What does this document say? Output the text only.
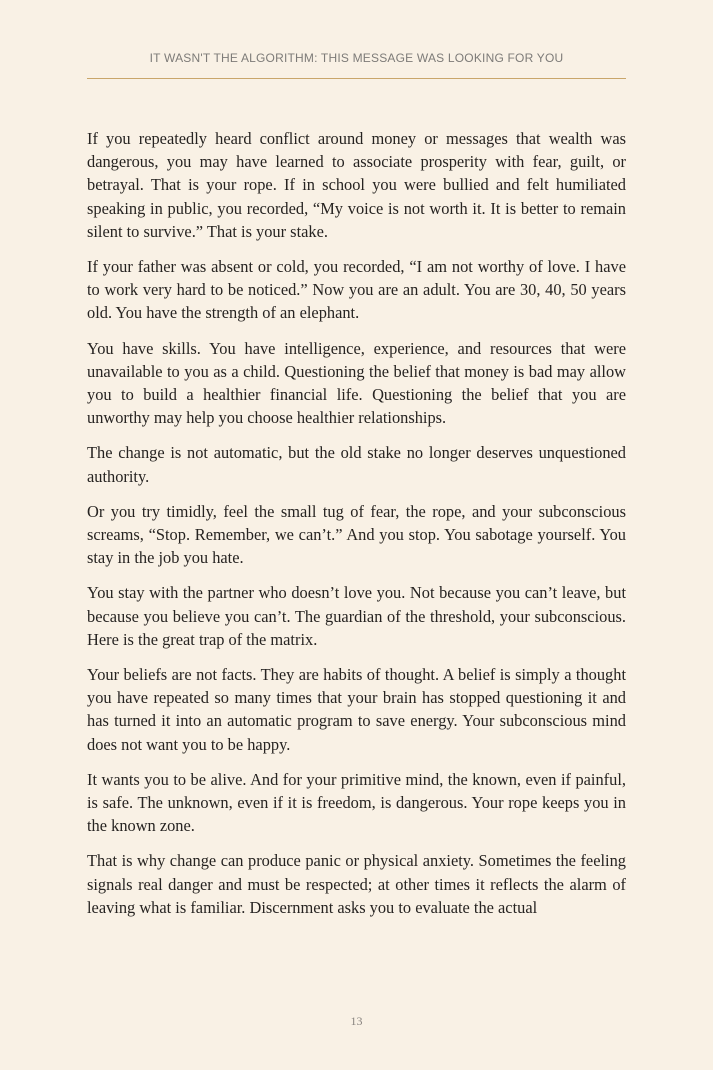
IT WASN'T THE ALGORITHM: THIS MESSAGE WAS LOOKING FOR YOU

If you repeatedly heard conflict around money or messages that wealth was dangerous, you may have learned to associate prosperity with fear, guilt, or betrayal. That is your rope. If in school you were bullied and felt humiliated speaking in public, you recorded, “My voice is not worth it. It is better to remain silent to survive.” That is your stake.

If your father was absent or cold, you recorded, “I am not worthy of love. I have to work very hard to be noticed.” Now you are an adult. You are 30, 40, 50 years old. You have the strength of an elephant.

You have skills. You have intelligence, experience, and resources that were unavailable to you as a child. Questioning the belief that money is bad may allow you to build a healthier financial life. Questioning the belief that you are unworthy may help you choose healthier relationships.

The change is not automatic, but the old stake no longer deserves unquestioned authority.

Or you try timidly, feel the small tug of fear, the rope, and your subconscious screams, “Stop. Remember, we can’t.” And you stop. You sabotage yourself. You stay in the job you hate.

You stay with the partner who doesn’t love you. Not because you can’t leave, but because you believe you can’t. The guardian of the threshold, your subconscious. Here is the great trap of the matrix.

Your beliefs are not facts. They are habits of thought. A belief is simply a thought you have repeated so many times that your brain has stopped questioning it and has turned it into an automatic program to save energy. Your subconscious mind does not want you to be happy.

It wants you to be alive. And for your primitive mind, the known, even if painful, is safe. The unknown, even if it is freedom, is dangerous. Your rope keeps you in the known zone.

That is why change can produce panic or physical anxiety. Sometimes the feeling signals real danger and must be respected; at other times it reflects the alarm of leaving what is familiar. Discernment asks you to evaluate the actual

13
